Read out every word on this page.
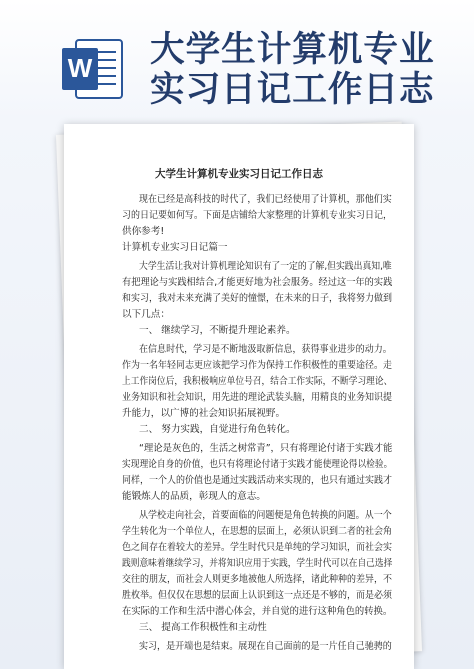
W 大学生计算机专业
实习日记工作日志
大学生计算机专业实习日记工作日志
现在已经是高科技的时代了，我们已经使用了计算机，那他们实
习的日记要如何写。下面是店铺给大家整理的计算机专业实习日记，
供你参考!
计算机专业实习日记篇一
大学生活让我对计算机理论知识有了一定的了解,但实践出真知,唯
有把理论与实践相结合,才能更好地为社会服务。经过这一年的实践
和实习，我对未来充满了美好的憧憬，在未来的日子，我将努力做到
以下几点：
一、 继续学习，不断提升理论素养。
在信息时代，学习是不断地汲取新信息，获得事业进步的动力。
作为一名年轻同志更应该把学习作为保持工作积极性的重要途径。走
上工作岗位后，我积极响应单位号召，结合工作实际，不断学习理论、
业务知识和社会知识，用先进的理论武装头脑，用精良的业务知识提
升能力，以广博的社会知识拓展视野。
二、 努力实践，自觉进行角色转化。
“理论是灰色的，生活之树常青”，只有将理论付诸于实践才能
实现理论自身的价值，也只有将理论付诸于实践才能使理论得以检验。
同样，一个人的价值也是通过实践活动来实现的，也只有通过实践才
能锻炼人的品质，彰现人的意志。
从学校走向社会，首要面临的问题便是角色转换的问题。从一个
学生转化为一个单位人，在思想的层面上，必须认识到二者的社会角
色之间存在着较大的差异。学生时代只是单纯的学习知识，而社会实
践则意味着继续学习，并将知识应用于实践，学生时代可以在自己选择
交往的朋友，而社会人则更多地被他人所选择，诸此种种的差异，不
胜枚举。但仅仅在思想的层面上认识到这一点还是不够的，而是必须
在实际的工作和生活中潜心体会，并自觉的进行这种角色的转换。
三、 提高工作积极性和主动性
实习，是开端也是结束。展现在自己面前的是一片任自己驰骋的
